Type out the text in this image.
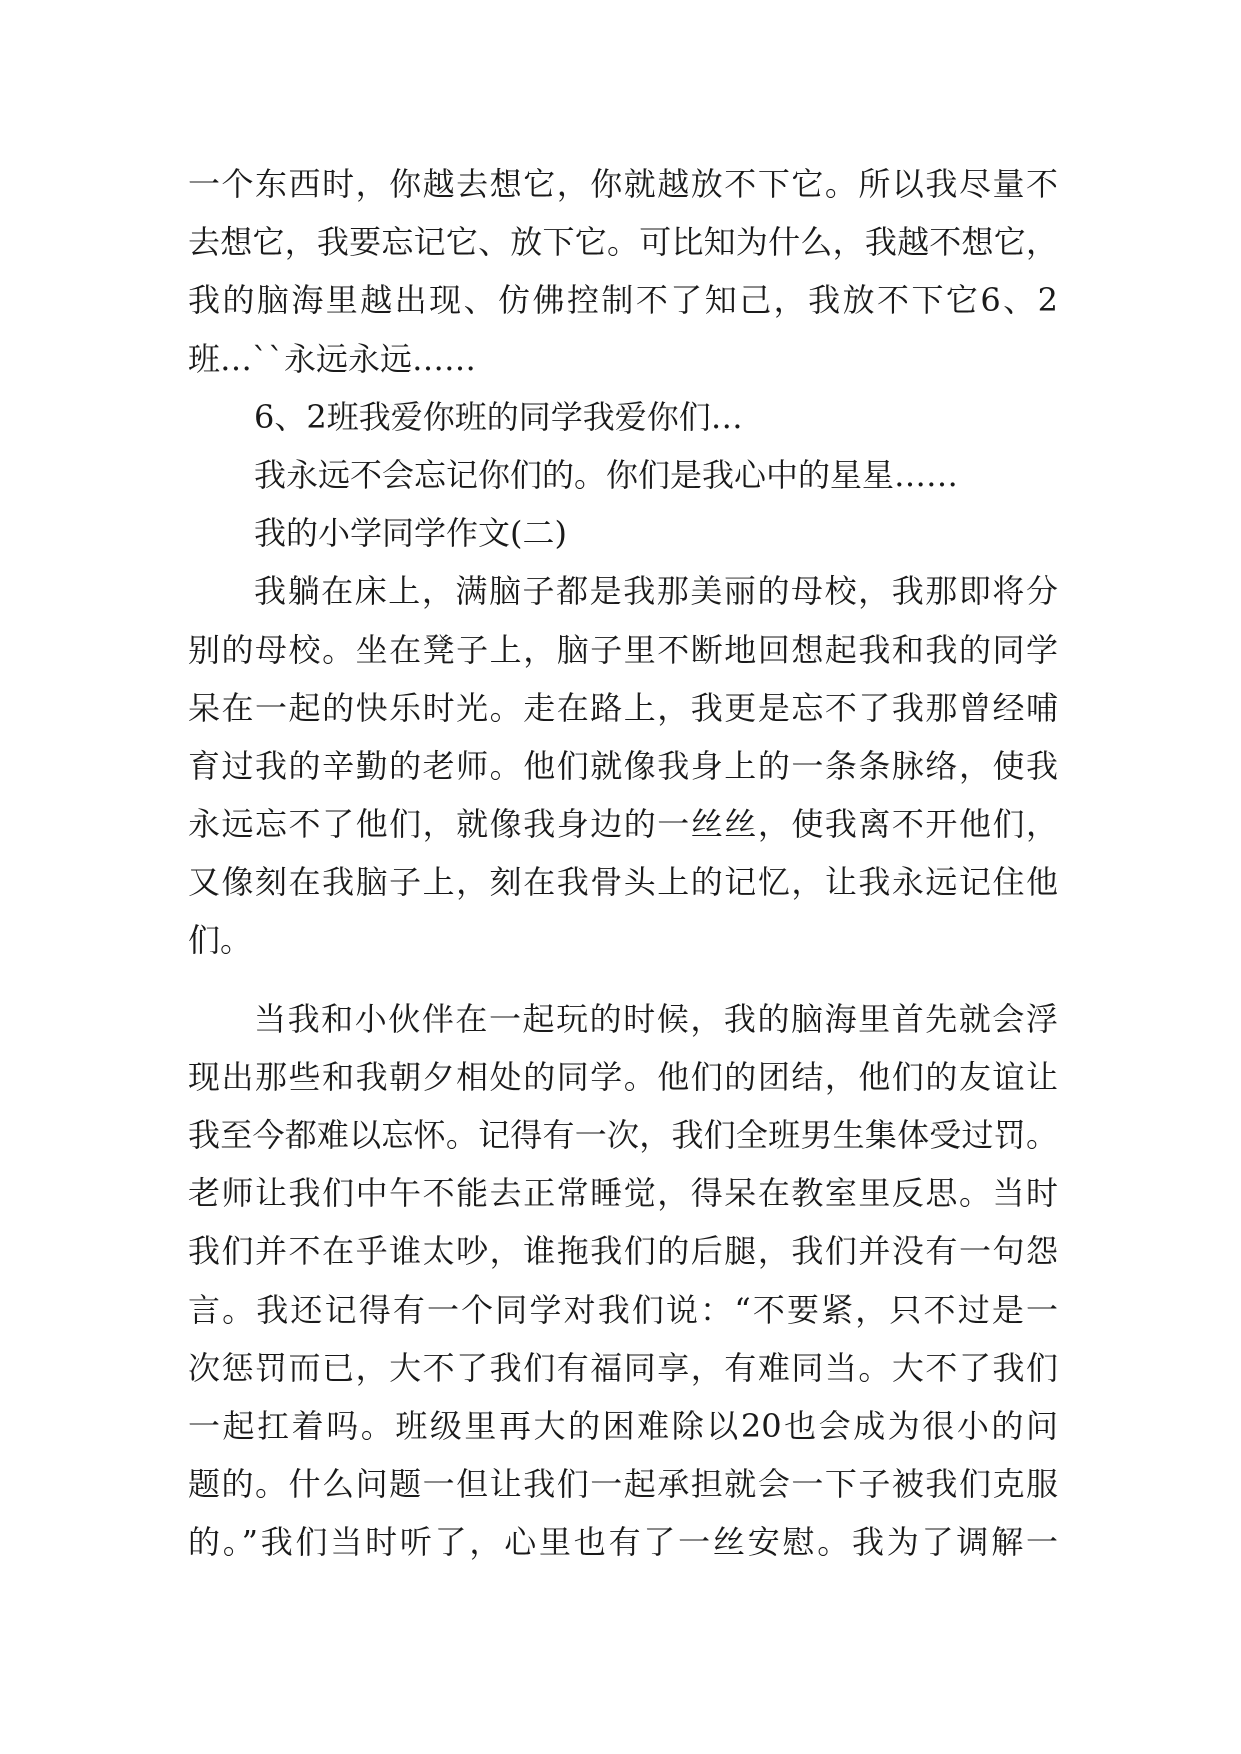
一个东西时，你越去想它，你就越放不下它。所以我尽量不
去想它，我要忘记它、放下它。可比知为什么，我越不想它，
我的脑海里越出现、仿佛控制不了知己，我放不下它6、2
班…``永远永远……
6、2班我爱你班的同学我爱你们…
我永远不会忘记你们的。你们是我心中的星星……
我的小学同学作文(二)
我躺在床上，满脑子都是我那美丽的母校，我那即将分
别的母校。坐在凳子上，脑子里不断地回想起我和我的同学
呆在一起的快乐时光。走在路上，我更是忘不了我那曾经哺
育过我的辛勤的老师。他们就像我身上的一条条脉络，使我
永远忘不了他们，就像我身边的一丝丝，使我离不开他们，
又像刻在我脑子上，刻在我骨头上的记忆，让我永远记住他
们。
当我和小伙伴在一起玩的时候，我的脑海里首先就会浮
现出那些和我朝夕相处的同学。他们的团结，他们的友谊让
我至今都难以忘怀。记得有一次，我们全班男生集体受过罚。
老师让我们中午不能去正常睡觉，得呆在教室里反思。当时
我们并不在乎谁太吵，谁拖我们的后腿，我们并没有一句怨
言。我还记得有一个同学对我们说：“不要紧，只不过是一
次惩罚而已，大不了我们有福同享，有难同当。大不了我们
一起扛着吗。班级里再大的困难除以20也会成为很小的问
题的。什么问题一但让我们一起承担就会一下子被我们克服
的。”我们当时听了，心里也有了一丝安慰。我为了调解一
